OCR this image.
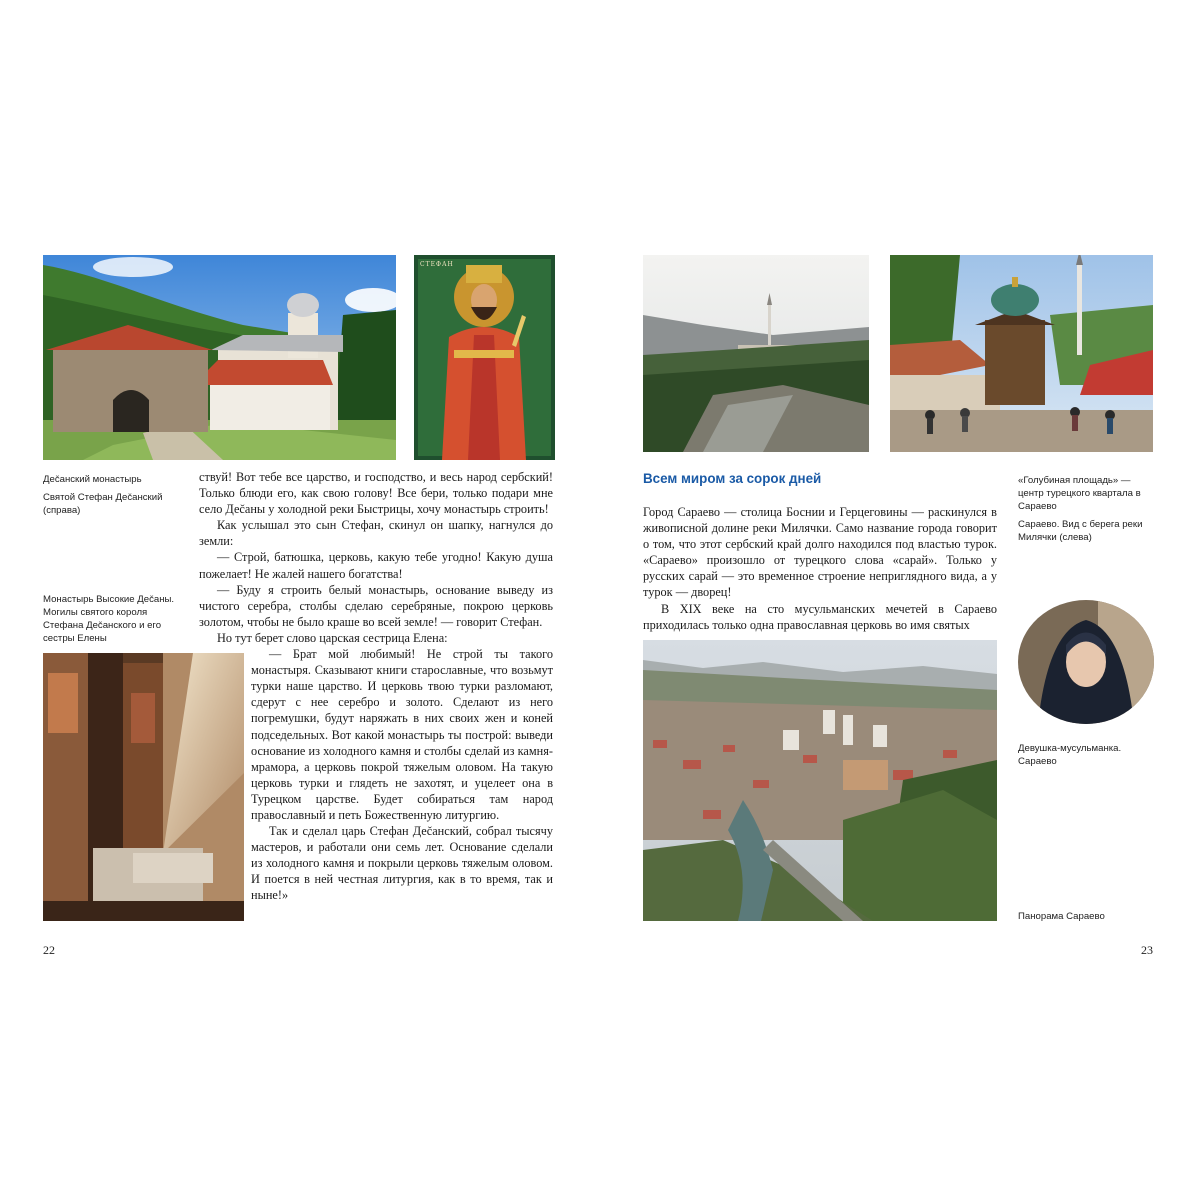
СТЕФАН

Деčанский монастырь

Святой Стефан Деčанский (справа)

Монастырь Высокие Деčаны. Могилы святого короля Стефана Деčанского и его сестры Елены

ствуй! Вот тебе все царство, и господство, и весь народ сербский! Только блюди его, как свою голову! Все бери, только подари мне село Деčаны у холодной реки Быстрицы, хочу монастырь строить!

Как услышал это сын Стефан, скинул он шапку, нагнулся до земли:

— Строй, батюшка, церковь, какую тебе угодно! Какую душа пожелает! Не жалей нашего богатства!

— Буду я строить белый монастырь, основание выведу из чистого серебра, столбы сделаю серебряные, покрою церковь золотом, чтобы не было краше во всей земле! — говорит Стефан.

Но тут берет слово царская сестрица Елена:

— Брат мой любимый! Не строй ты такого монастыря. Сказывают книги старославные, что возьмут турки наше царство. И церковь твою турки разломают, сдерут с нее серебро и золото. Сделают из него погремушки, будут наряжать в них своих жен и коней подседельных. Вот какой монастырь ты построй: выведи основание из холодного камня и столбы сделай из камня-мрамора, а церковь покрой тяжелым оловом. На такую церковь турки и глядеть не захотят, и уцелеет она в Турецком царстве. Будет собираться там народ православный и петь Божественную литургию.

Так и сделал царь Стефан Деčанский, собрал тысячу мастеров, и работали они семь лет. Основание сделали из холодного камня и покрыли церковь тяжелым оловом. И поется в ней честная литургия, как в то время, так и ныне!»

22
Всем миром за сорок дней	«Голубиная площадь» — центр турецкого квартала в Сараево

Сараево. Вид с берега реки Милячки (слева)

Город Сараево — столица Боснии и Герцеговины — раскинулся в живописной долине реки Милячки. Само название города говорит о том, что этот сербский край долго находился под властью турок. «Сараево» произошло от турецкого слова «сарай». Только у русских сарай — это временное строение неприглядного вида, а у турок — дворец!

В XIX веке на сто мусульманских мечетей в Сараево приходилась только одна православная церковь во имя святых

Девушка-мусульманка. Сараево
Панорама Сараево
23
